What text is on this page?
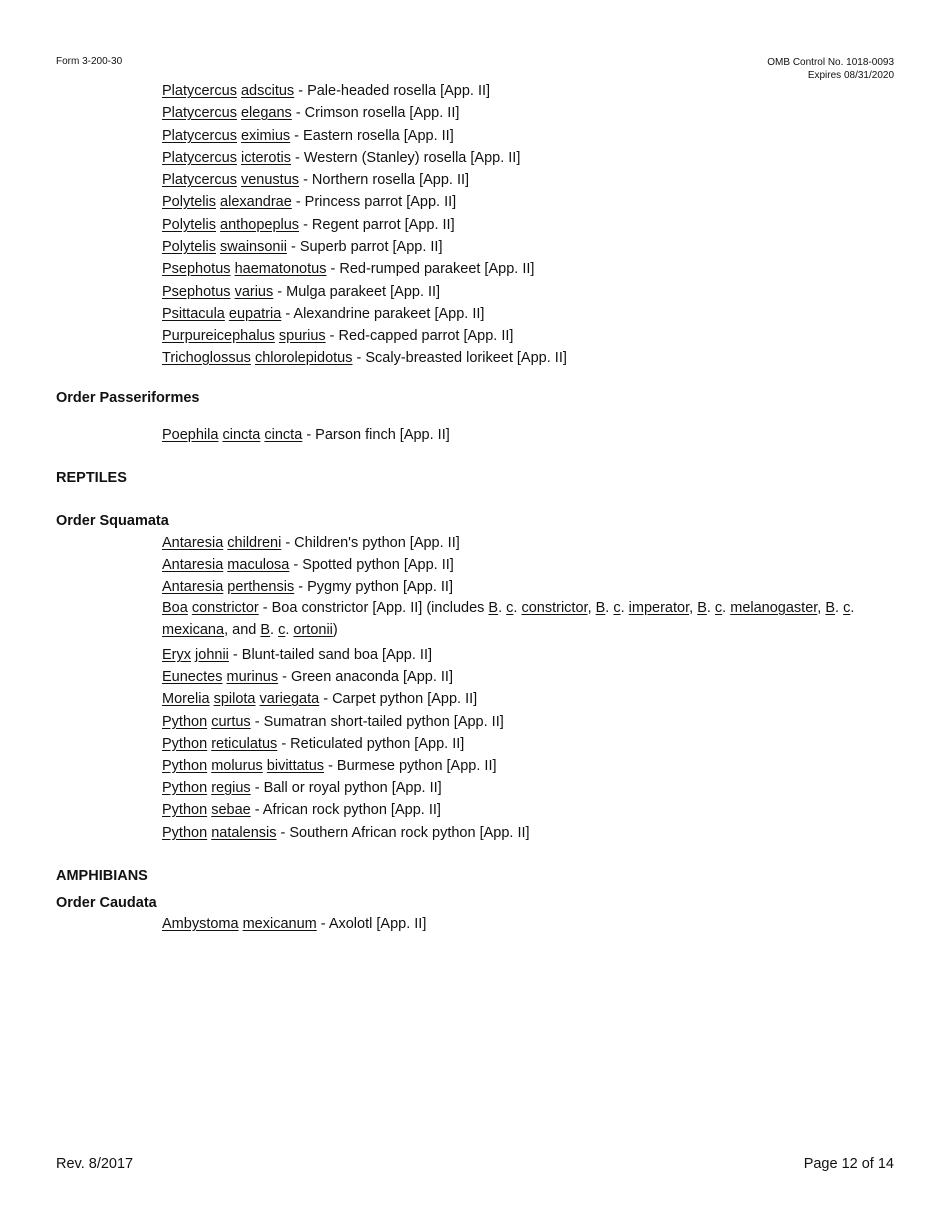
Form 3-200-30	OMB Control No. 1018-0093
Expires 08/31/2020
Platycercus adscitus - Pale-headed rosella [App. II]
Platycercus elegans - Crimson rosella [App. II]
Platycercus eximius - Eastern rosella [App. II]
Platycercus icterotis - Western (Stanley) rosella [App. II]
Platycercus venustus - Northern rosella [App. II]
Polytelis alexandrae - Princess parrot [App. II]
Polytelis anthopeplus - Regent parrot [App. II]
Polytelis swainsonii - Superb parrot [App. II]
Psephotus haematonotus - Red-rumped parakeet [App. II]
Psephotus varius - Mulga parakeet [App. II]
Psittacula eupatria - Alexandrine parakeet [App. II]
Purpureicephalus spurius - Red-capped parrot [App. II]
Trichoglossus chlorolepidotus - Scaly-breasted lorikeet [App. II]
Order Passeriformes
Poephila cincta cincta - Parson finch [App. II]
REPTILES
Order Squamata
Antaresia childreni - Children's python [App. II]
Antaresia maculosa - Spotted python [App. II]
Antaresia perthensis - Pygmy python [App. II]
Boa constrictor - Boa constrictor [App. II] (includes B. c. constrictor, B. c. imperator, B. c. melanogaster, B. c. mexicana, and B. c. ortonii)
Eryx johnii - Blunt-tailed sand boa [App. II]
Eunectes murinus - Green anaconda [App. II]
Morelia spilota variegata - Carpet python [App. II]
Python curtus - Sumatran short-tailed python [App. II]
Python reticulatus - Reticulated python [App. II]
Python molurus bivittatus - Burmese python [App. II]
Python regius - Ball or royal python [App. II]
Python sebae - African rock python [App. II]
Python natalensis - Southern African rock python [App. II]
AMPHIBIANS
Order Caudata
Ambystoma mexicanum - Axolotl [App. II]
Rev. 8/2017	Page 12 of 14
